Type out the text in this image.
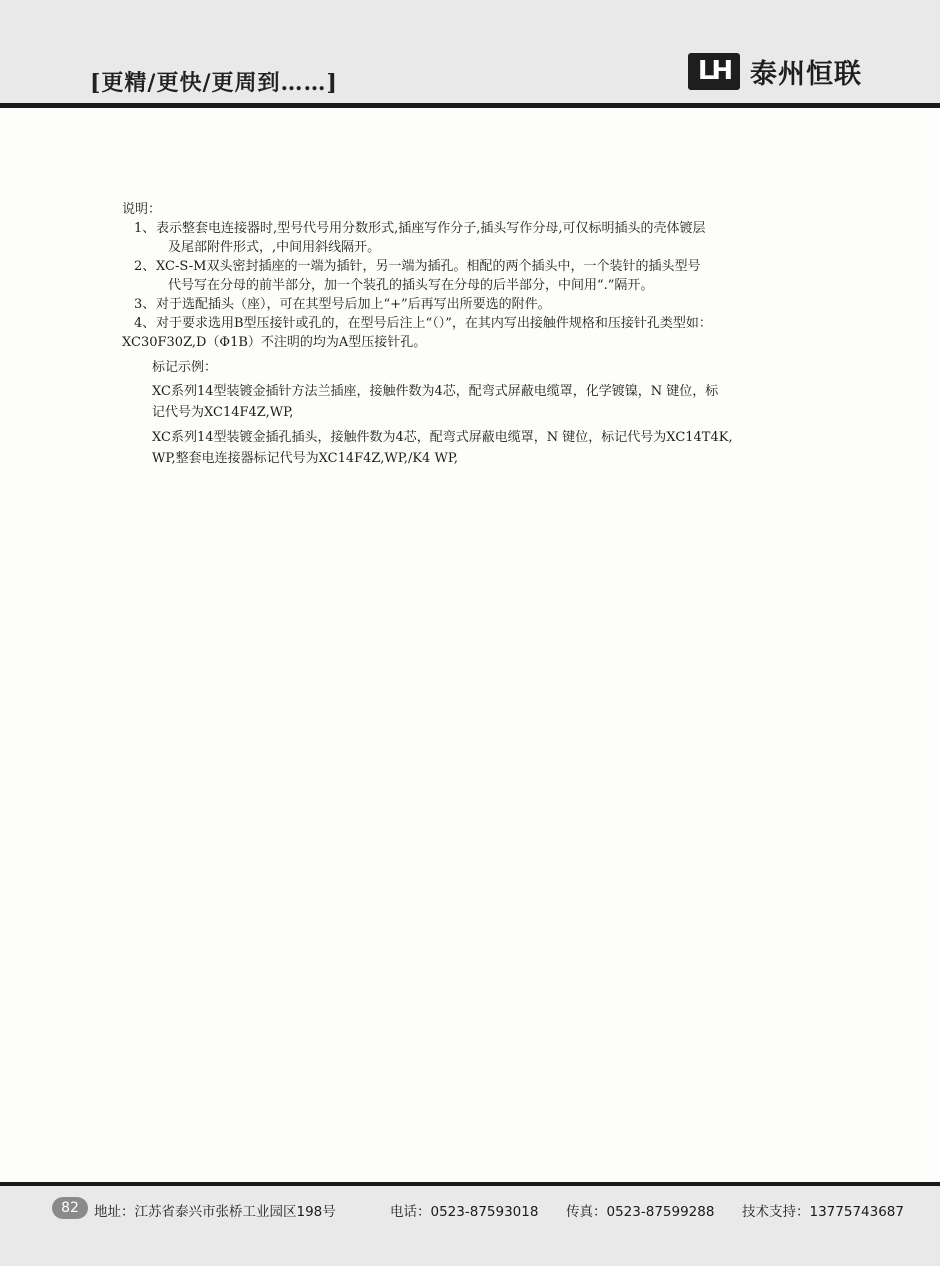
[更精/更快/更周到……]	LH 泰州恒联

说明：

1、 表示整套电连接器时,型号代号用分数形式,插座写作分子,插头写作分母,可仅标明插头的壳体镀层
及尾部附件形式，,中间用斜线隔开。
2、 XC-S-M双头密封插座的一端为插针，另一端为插孔。相配的两个插头中，一个装针的插头型号
代号写在分母的前半部分，加一个装孔的插头写在分母的后半部分，中间用“.”隔开。
3、 对于选配插头（座），可在其型号后加上“+”后再写出所要选的附件。
4、 对于要求选用B型压接针或孔的，在型号后注上“（）”，在其内写出接触件规格和压接针孔类型如：

XC30F30Z,D（Φ1B）不注明的均为A型压接针孔。

标记示例：

XC系列14型装镀金插针方法兰插座，接触件数为4芯，配弯式屏蔽电缆罩，化学镀镍，N 键位，标
记代号为XC14F4Z,WP,
XC系列14型装镀金插孔插头，接触件数为4芯，配弯式屏蔽电缆罩，N 键位，标记代号为XC14T4K,
WP,整套电连接器标记代号为XC14F4Z,WP,/K4 WP,
82	地址：江苏省泰兴市张桥工业园区198号	电话：0523-87593018 传真：0523-87599288 技术支持：13775743687
